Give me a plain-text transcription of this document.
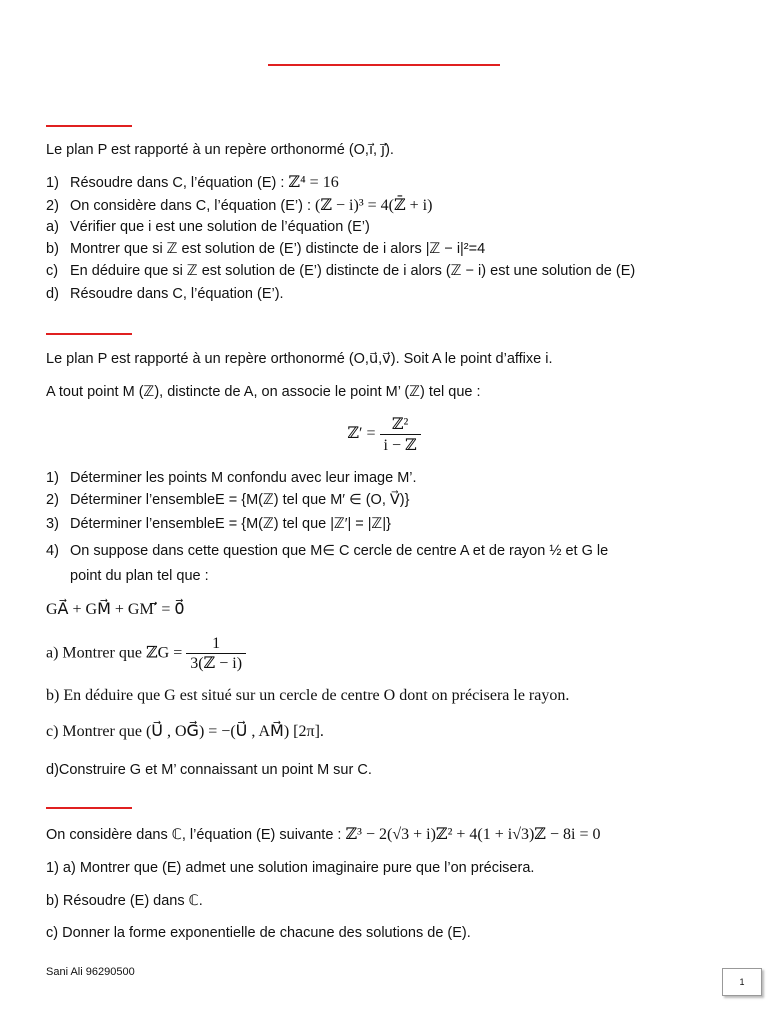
Le plan P est rapporté à un repère orthonormé (O,i⃗, j⃗).
1) Résoudre dans C, l’équation (E) : ℤ⁴ = 16
2) On considère dans C, l’équation (E’) : (ℤ − i)³ = 4(ℤ̄ + i)
a) Vérifier que i est une solution de l’équation (E’)
b) Montrer que si ℤ est solution de (E’) distincte de i alors |ℤ − i|²=4
c) En déduire que si ℤ est solution de (E’) distincte de i alors (ℤ − i) est une solution de (E)
d) Résoudre dans C, l’équation (E’).
Le plan P est rapporté à un repère orthonormé (O,u⃗,v⃗). Soit A le point d’affixe i.
A tout point M (ℤ), distincte de A, on associe le point M’ (ℤ) tel que :
ℤ′ = $\frac{\text{ℤ²}}{\text{i − ℤ}}$
1) Déterminer les points M confondu avec leur image M’.
2) Déterminer l’ensembleE = {M(ℤ) tel que M′ ∈ (O, V⃗)}
3) Déterminer l’ensembleE = {M(ℤ) tel que |ℤ′| = |ℤ|}
4) On suppose dans cette question que M∈ C cercle de centre A et de rayon ½ et G le
point du plan tel que :
GA⃗ + GM⃗ + GM′⃗ = 0⃗
a) Montrer que ℤG = $\frac{1}{\text{3(ℤ − i)}}$
b) En déduire que G est situé sur un cercle de centre O dont on précisera le rayon.
c) Montrer que (U⃗ , OG⃗) = −(U⃗ , AM⃗) [2π].
d)Construire G et M’ connaissant un point M sur C.
On considère dans ℂ, l’équation (E) suivante : ℤ³ − 2(√3 + i)ℤ² + 4(1 + i√3)ℤ − 8i = 0
1) a) Montrer que (E) admet une solution imaginaire pure que l’on précisera.
b) Résoudre (E) dans ℂ.
c) Donner la forme exponentielle de chacune des solutions de (E).
Sani Ali 96290500
1
